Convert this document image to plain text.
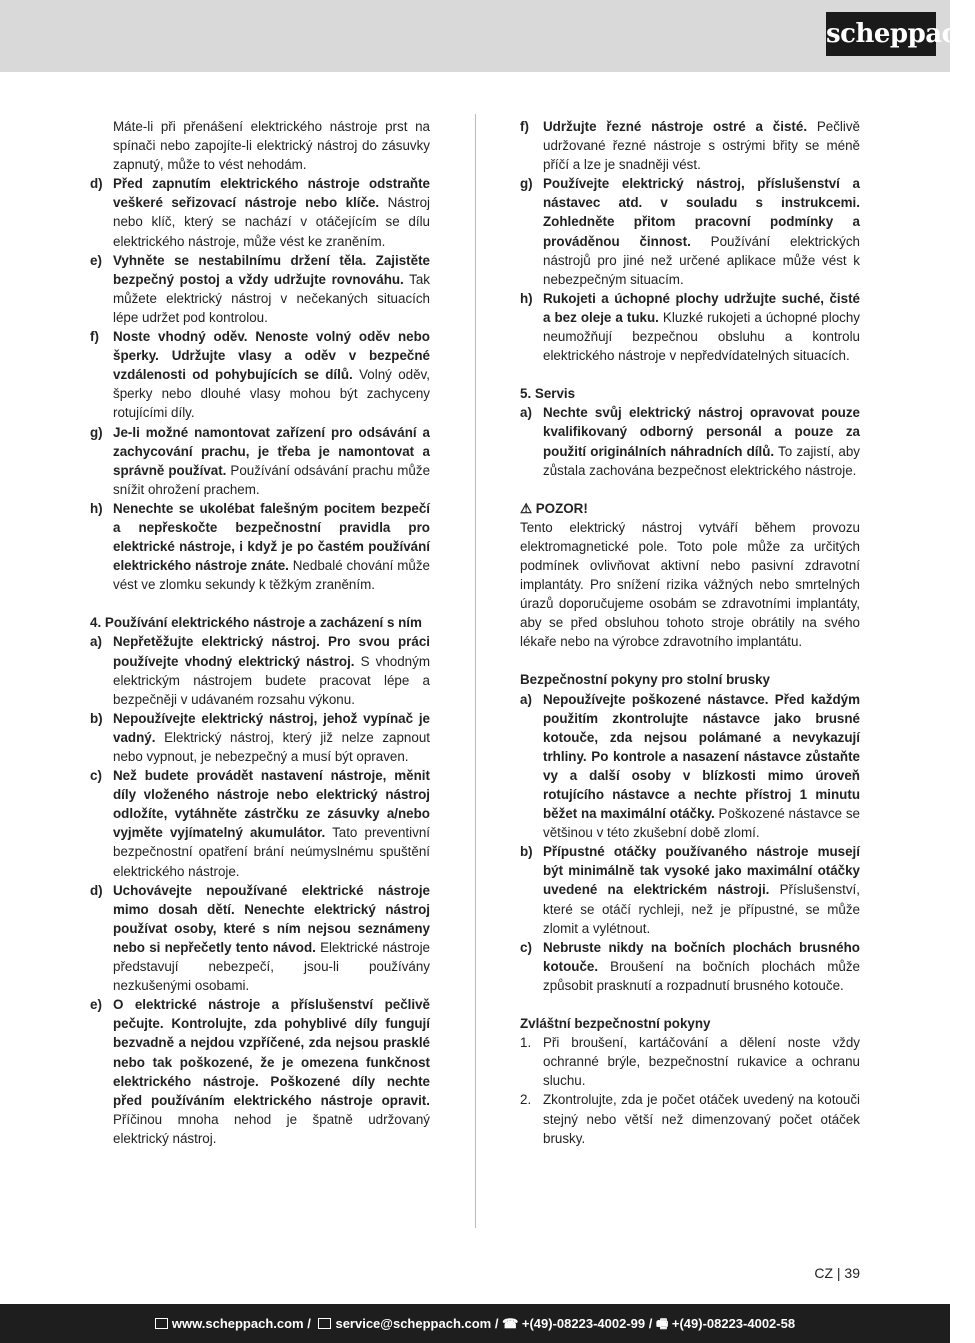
scheppach
Máte-li při přenášení elektrického nástroje prst na spínači nebo zapojíte-li elektrický nástroj do zásuvky zapnutý, může to vést nehodám.
d) Před zapnutím elektrického nástroje odstraňte veškeré seřizovací nástroje nebo klíče. Nástroj nebo klíč, který se nachází v otáčejícím se dílu elektrického nástroje, může vést ke zraněním.
e) Vyhněte se nestabilnímu držení těla. Zajistěte bezpečný postoj a vždy udržujte rovnováhu. Tak můžete elektrický nástroj v nečekaných situacích lépe udržet pod kontrolou.
f)	Noste vhodný oděv. Nenoste volný oděv nebo šperky. Udržujte vlasy a oděv v bezpečné vzdálenosti od pohybujících se dílů. Volný oděv, šperky nebo dlouhé vlasy mohou být zachyceny rotujícími díly.
g) Je-li možné namontovat zařízení pro odsávání a zachycování prachu, je třeba je namontovat a správně používat. Používání odsávání prachu může snížit ohrožení prachem.
h) Nenechte se ukolébat falešným pocitem bezpečí a nepřeskočte bezpečnostní pravidla pro elektrické nástroje, i když je po častém používání elektrického nástroje znáte. Nedbalé chování může vést ve zlomku sekundy k těžkým zraněním.
4. Používání elektrického nástroje a zacházení s ním
a) Nepřetěžujte elektrický nástroj. Pro svou práci používejte vhodný elektrický nástroj. S vhodným elektrickým nástrojem budete pracovat lépe a bezpečněji v udávaném rozsahu výkonu.
b) Nepoužívejte elektrický nástroj, jehož vypínač je vadný. Elektrický nástroj, který již nelze zapnout nebo vypnout, je nebezpečný a musí být opraven.
c) Než budete provádět nastavení nástroje, měnit díly vloženého nástroje nebo elektrický nástroj odložíte, vytáhněte zástrčku ze zásuvky a/nebo vyjměte vyjímatelný akumulátor. Tato preventivní bezpečnostní opatření brání neúmyslnému spuštění elektrického nástroje.
d) Uchovávejte nepoužívané elektrické nástroje mimo dosah dětí. Nenechte elektrický nástroj používat osoby, které s ním nejsou seznámeny nebo si nepřečetly tento návod. Elektrické nástroje představují nebezpečí, jsou-li používány nezkušenými osobami.
e) O elektrické nástroje a příslušenství pečlivě pečujte. Kontrolujte, zda pohyblivé díly fungují bezvadně a nejdou vzpříčené, zda nejsou prasklé nebo tak poškozené, že je omezena funkčnost elektrického nástroje. Poškozené díly nechte před používáním elektrického nástroje opravit. Příčinou mnoha nehod je špatně udržovaný elektrický nástroj.
f)	Udržujte řezné nástroje ostré a čisté. Pečlivě udržované řezné nástroje s ostrými břity se méně příčí a lze je snadněji vést.
g) Používejte elektrický nástroj, příslušenství a nástavec atd. v souladu s instrukcemi. Zohledněte přitom pracovní podmínky a prováděnou činnost. Používání elektrických nástrojů pro jiné než určené aplikace může vést k nebezpečným situacím.
h) Rukojeti a úchopné plochy udržujte suché, čisté a bez oleje a tuku. Kluzké rukojeti a úchopné plochy neumožňují bezpečnou obsluhu a kontrolu elektrického nástroje v nepředvídatelných situacích.
5. Servis
a) Nechte svůj elektrický nástroj opravovat pouze kvalifikovaný odborný personál a pouze za použití originálních náhradních dílů. To zajistí, aby zůstala zachována bezpečnost elektrického nástroje.
⚠ POZOR!
Tento elektrický nástroj vytváří během provozu elektromagnetické pole. Toto pole může za určitých podmínek ovlivňovat aktivní nebo pasivní zdravotní implantáty. Pro snížení rizika vážných nebo smrtelných úrazů doporučujeme osobám se zdravotními implantáty, aby se před obsluhou tohoto stroje obrátily na svého lékaře nebo na výrobce zdravotního implantátu.
Bezpečnostní pokyny pro stolní brusky
a) Nepoužívejte poškozené nástavce. Před každým použitím zkontrolujte nástavce jako brusné kotouče, zda nejsou polámané a nevykazují trhliny. Po kontrole a nasazení nástavce zůstaňte vy a další osoby v blízkosti mimo úroveň rotujícího nástavce a nechte přístroj 1 minutu běžet na maximální otáčky. Poškozené nástavce se většinou v této zkušební době zlomí.
b) Přípustné otáčky používaného nástroje musejí být minimálně tak vysoké jako maximální otáčky uvedené na elektrickém nástroji. Příslušenství, které se otáčí rychleji, než je přípustné, se může zlomit a vylétnout.
c) Nebruste nikdy na bočních plochách brusného kotouče. Broušení na bočních plochách může způsobit prasknutí a rozpadnutí brusného kotouče.
Zvláštní bezpečnostní pokyny
1. Při broušení, kartáčování a dělení noste vždy ochranné brýle, bezpečnostní rukavice a ochranu sluchu.
2. Zkontrolujte, zda je počet otáček uvedený na kotouči stejný nebo větší než dimenzovaný počet otáček brusky.
CZ | 39
www.scheppach.com / service@scheppach.com / ☎ +(49)-08223-4002-99 / 🖷 +(49)-08223-4002-58
